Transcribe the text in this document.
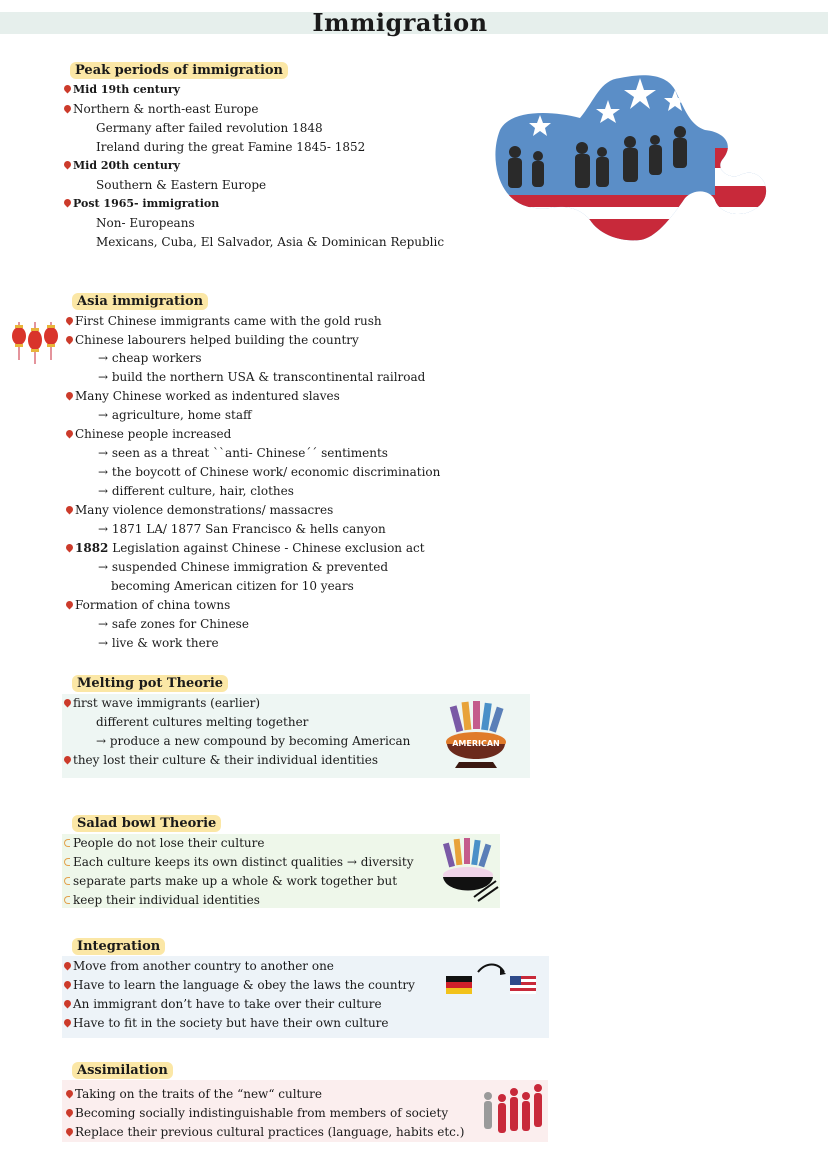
Immigration
Peak periods of immigration
Mid 19th century
Northern & north-east Europe
Germany after failed revolution 1848
Ireland during the great Famine 1845- 1852
Mid 20th century
Southern & Eastern Europe
Post 1965- immigration
Non- Europeans
Mexicans, Cuba, El Salvador, Asia & Dominican Republic
Asia immigration
First Chinese immigrants came with the gold rush
Chinese labourers helped building the country
→ cheap workers
→ build the northern USA & transcontinental railroad
Many Chinese worked as indentured slaves
→ agriculture, home staff
Chinese people increased
→ seen as a threat ``anti- Chinese´´ sentiments
→ the boycott of Chinese work/ economic discrimination
→ different culture, hair, clothes
Many violence demonstrations/ massacres
→ 1871 LA/ 1877 San Francisco & hells canyon
1882 Legislation against Chinese - Chinese exclusion act
→ suspended Chinese immigration & prevented
becoming American citizen for 10 years
Formation of china towns
→ safe zones for Chinese
→ live & work there
Melting pot Theorie
first wave immigrants (earlier)
different cultures melting together
→ produce a new compound by becoming American
they lost their culture & their individual identities
AMERICAN
Salad bowl Theorie
People do not lose their culture
Each culture keeps its own distinct qualities → diversity
separate parts make up a whole & work together but
keep their individual identities
Integration
Move from another country to another one
Have to learn the language & obey the laws the country
An immigrant don’t have to take over their culture
Have to fit in the society but have their own culture
Assimilation
Taking on the traits of the “new“ culture
Becoming socially indistinguishable from members of society
Replace their previous cultural practices (language, habits etc.)
